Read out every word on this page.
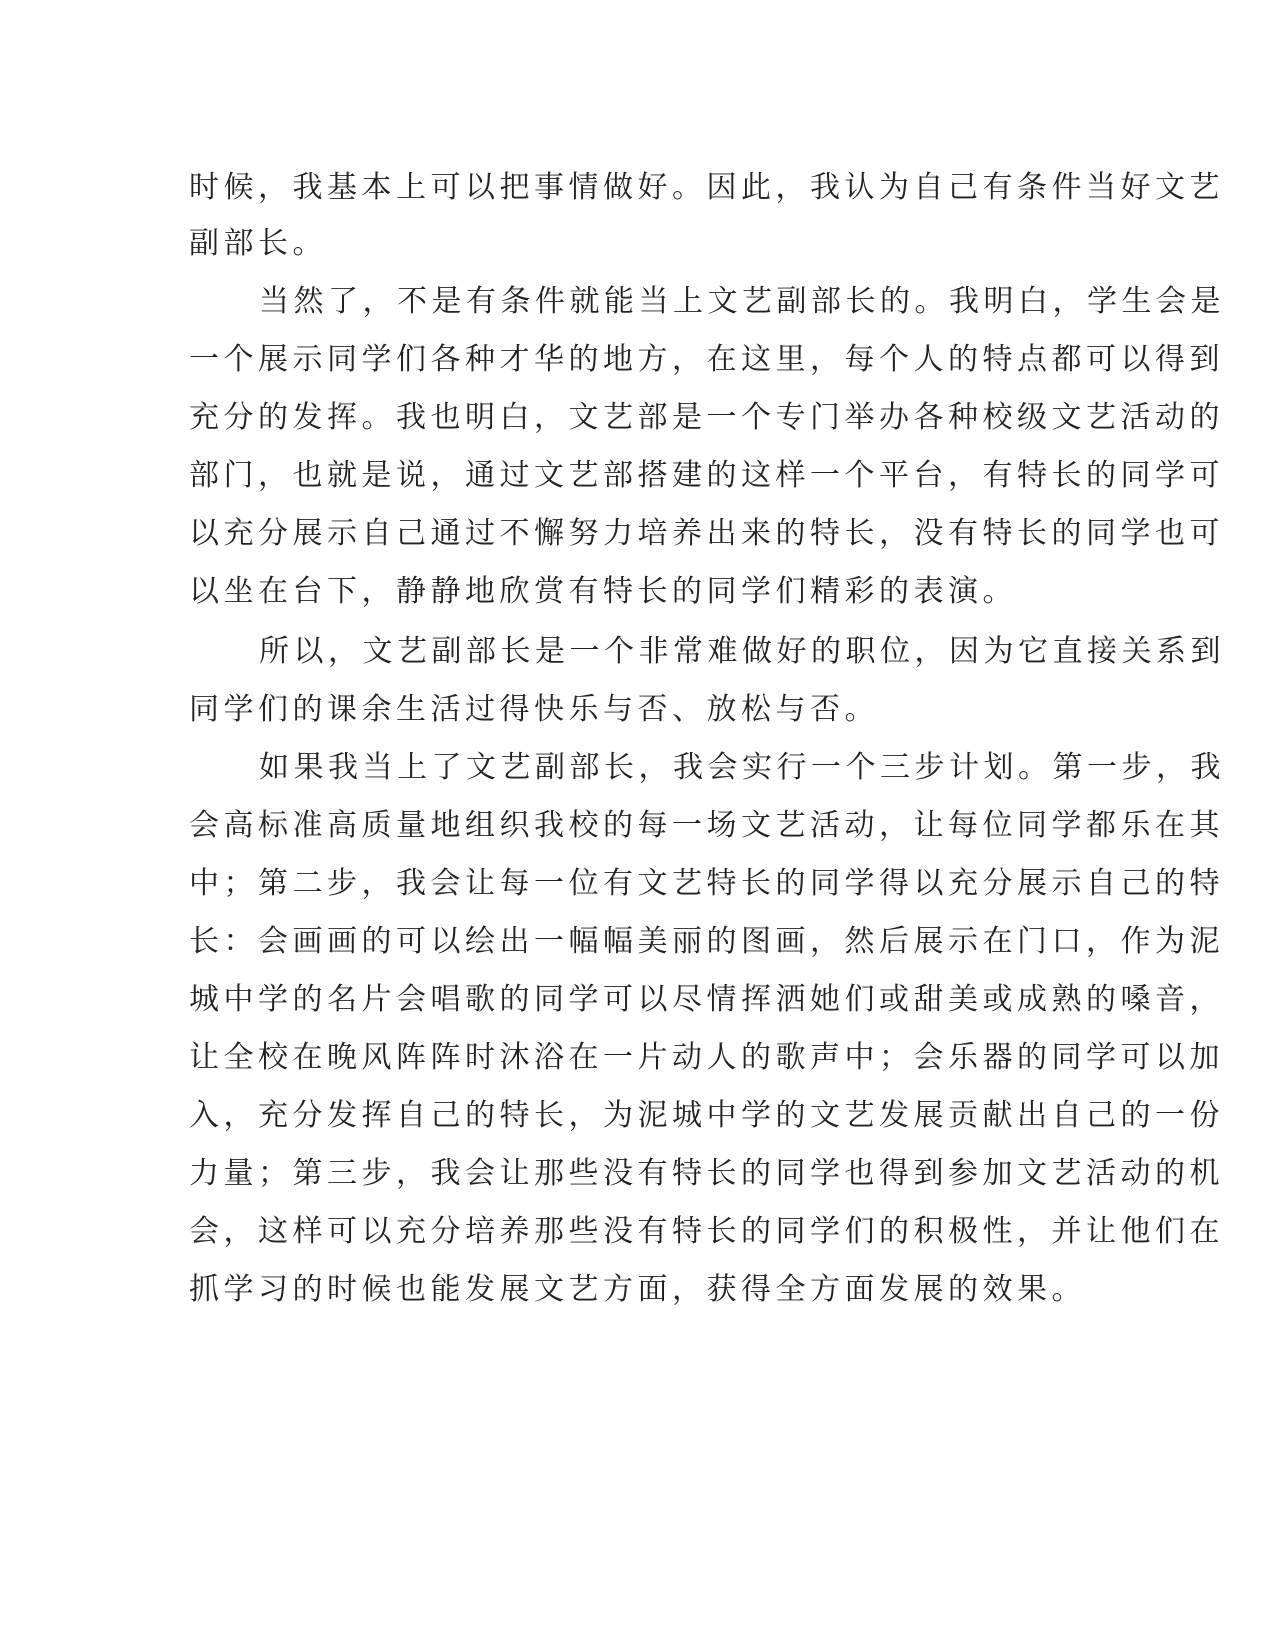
时候，我基本上可以把事情做好。因此，我认为自己有条件当好文艺
副部长。
当然了，不是有条件就能当上文艺副部长的。我明白，学生会是
一个展示同学们各种才华的地方，在这里，每个人的特点都可以得到
充分的发挥。我也明白，文艺部是一个专门举办各种校级文艺活动的
部门，也就是说，通过文艺部搭建的这样一个平台，有特长的同学可
以充分展示自己通过不懈努力培养出来的特长，没有特长的同学也可
以坐在台下，静静地欣赏有特长的同学们精彩的表演。
所以，文艺副部长是一个非常难做好的职位，因为它直接关系到
同学们的课余生活过得快乐与否、放松与否。
如果我当上了文艺副部长，我会实行一个三步计划。第一步，我
会高标准高质量地组织我校的每一场文艺活动，让每位同学都乐在其
中；第二步，我会让每一位有文艺特长的同学得以充分展示自己的特
长：会画画的可以绘出一幅幅美丽的图画，然后展示在门口，作为泥
城中学的名片会唱歌的同学可以尽情挥洒她们或甜美或成熟的嗓音，
让全校在晚风阵阵时沐浴在一片动人的歌声中；会乐器的同学可以加
入，充分发挥自己的特长，为泥城中学的文艺发展贡献出自己的一份
力量；第三步，我会让那些没有特长的同学也得到参加文艺活动的机
会，这样可以充分培养那些没有特长的同学们的积极性，并让他们在
抓学习的时候也能发展文艺方面，获得全方面发展的效果。
